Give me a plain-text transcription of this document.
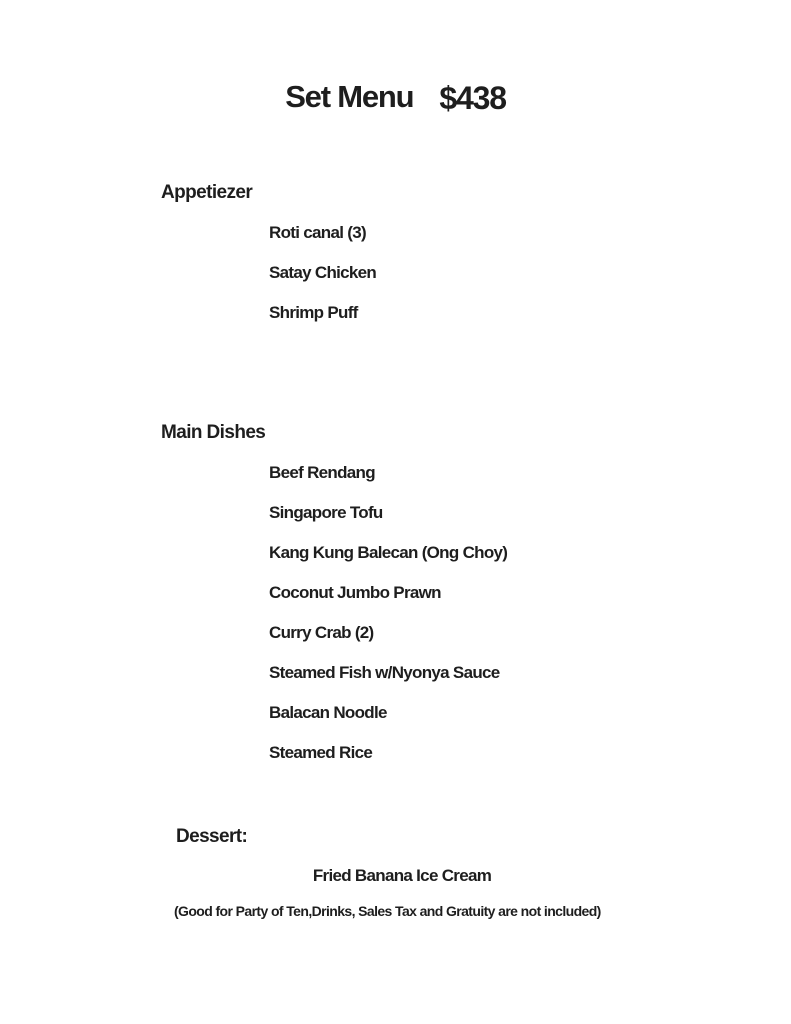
Set Menu $438
Appetiezer
Roti canal (3)
Satay Chicken
Shrimp Puff
Main Dishes
Beef Rendang
Singapore Tofu
Kang Kung Balecan (Ong Choy)
Coconut Jumbo Prawn
Curry Crab (2)
Steamed Fish w/Nyonya Sauce
Balacan Noodle
Steamed Rice
Dessert:
Fried Banana Ice Cream
(Good for Party of Ten,Drinks, Sales Tax and Gratuity are not included)
